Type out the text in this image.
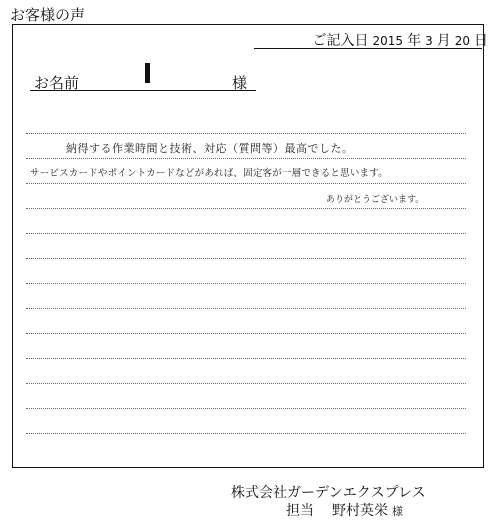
お客様の声
ご記入日 2015 年 3 月 20 日
お名前	様
納得する作業時間と技術、対応（質問等）最高でした。
サービスカードやポイントカードなどがあれば、固定客が一層できると思います。
ありがとうございます。
株式会社ガーデンエクスプレス
担当 野村英栄 様
